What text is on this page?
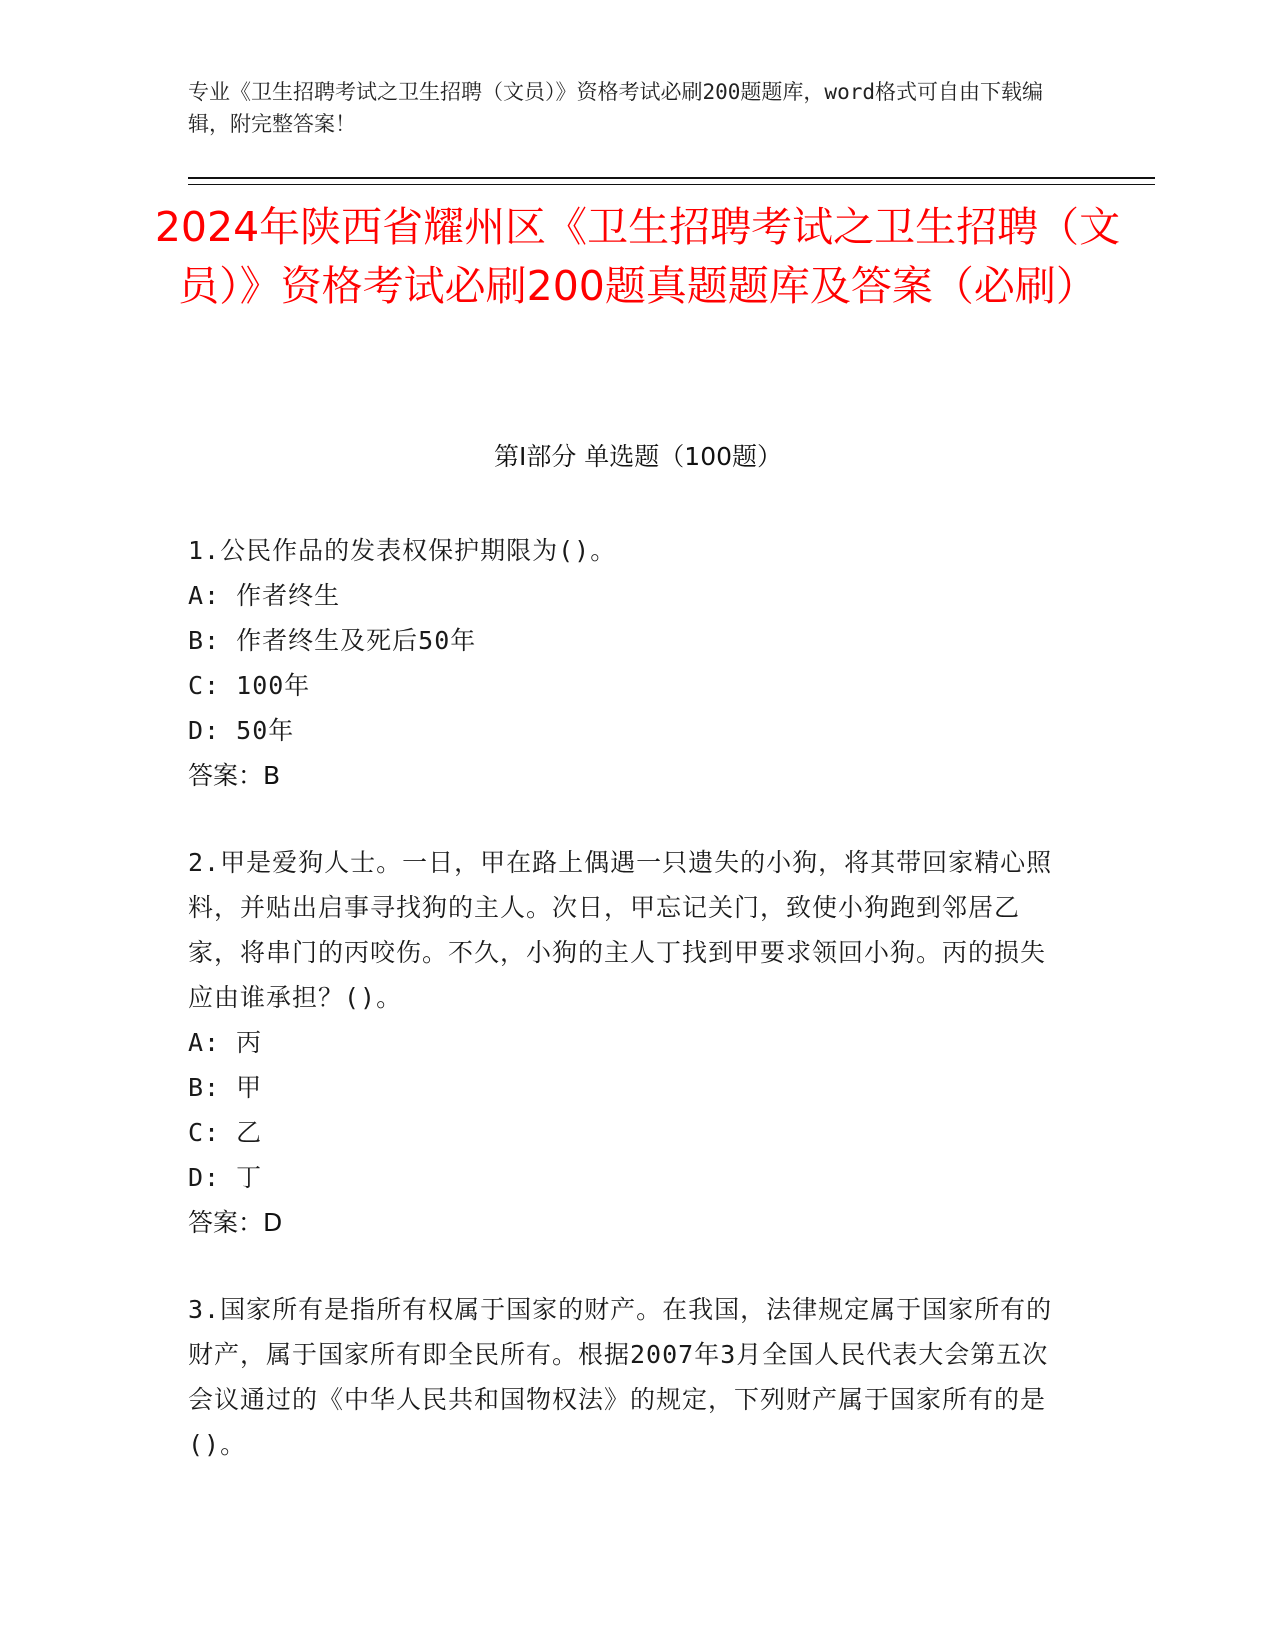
专业《卫生招聘考试之卫生招聘（文员）》资格考试必刷200题题库，word格式可自由下载编辑，附完整答案！
2024年陕西省耀州区《卫生招聘考试之卫生招聘（文员）》资格考试必刷200题真题题库及答案（必刷）
第I部分 单选题（100题）

1.公民作品的发表权保护期限为()。

A: 作者终生

B: 作者终生及死后50年

C: 100年

D: 50年

答案：B

2.甲是爱狗人士。一日，甲在路上偶遇一只遗失的小狗，将其带回家精心照料，并贴出启事寻找狗的主人。次日，甲忘记关门，致使小狗跑到邻居乙家，将串门的丙咬伤。不久，小狗的主人丁找到甲要求领回小狗。丙的损失应由谁承担？()。

A: 丙

B: 甲

C: 乙

D: 丁

答案：D

3.国家所有是指所有权属于国家的财产。在我国，法律规定属于国家所有的财产，属于国家所有即全民所有。根据2007年3月全国人民代表大会第五次会议通过的《中华人民共和国物权法》的规定，下列财产属于国家所有的是()。
